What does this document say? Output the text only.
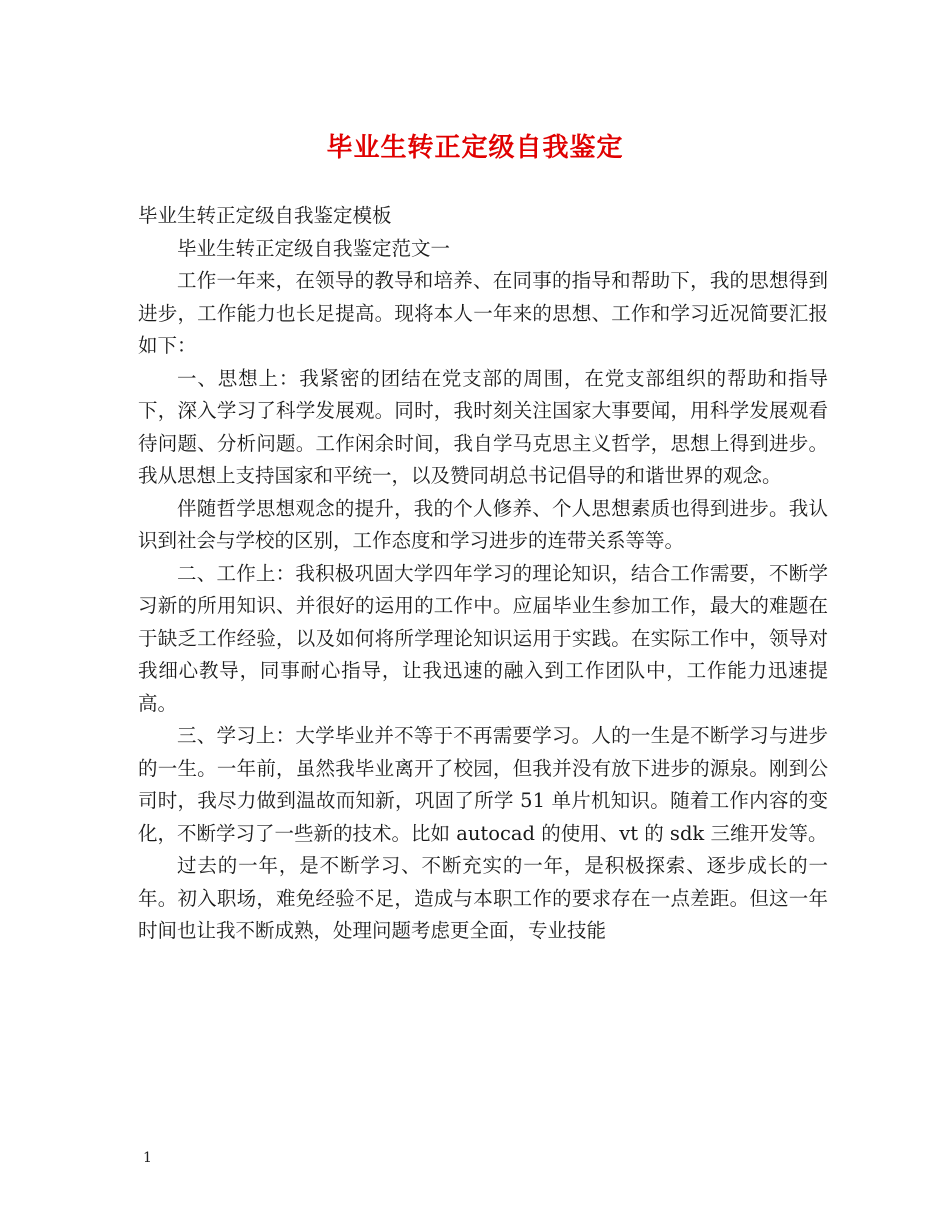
毕业生转正定级自我鉴定

毕业生转正定级自我鉴定模板

毕业生转正定级自我鉴定范文一

工作一年来，在领导的教导和培养、在同事的指导和帮助下，我的思想得到进步，工作能力也长足提高。现将本人一年来的思想、工作和学习近况简要汇报如下：

一、思想上：我紧密的团结在党支部的周围，在党支部组织的帮助和指导下，深入学习了科学发展观。同时，我时刻关注国家大事要闻，用科学发展观看待问题、分析问题。工作闲余时间，我自学马克思主义哲学，思想上得到进步。我从思想上支持国家和平统一，以及赞同胡总书记倡导的和谐世界的观念。

伴随哲学思想观念的提升，我的个人修养、个人思想素质也得到进步。我认识到社会与学校的区别，工作态度和学习进步的连带关系等等。

二、工作上：我积极巩固大学四年学习的理论知识，结合工作需要，不断学习新的所用知识、并很好的运用的工作中。应届毕业生参加工作，最大的难题在于缺乏工作经验，以及如何将所学理论知识运用于实践。在实际工作中，领导对我细心教导，同事耐心指导，让我迅速的融入到工作团队中，工作能力迅速提高。

三、学习上：大学毕业并不等于不再需要学习。人的一生是不断学习与进步的一生。一年前，虽然我毕业离开了校园，但我并没有放下进步的源泉。刚到公司时，我尽力做到温故而知新，巩固了所学 51 单片机知识。随着工作内容的变化，不断学习了一些新的技术。比如 autocad 的使用、vt 的 sdk 三维开发等。

过去的一年，是不断学习、不断充实的一年，是积极探索、逐步成长的一年。初入职场，难免经验不足，造成与本职工作的要求存在一点差距。但这一年时间也让我不断成熟，处理问题考虑更全面，专业技能

1
